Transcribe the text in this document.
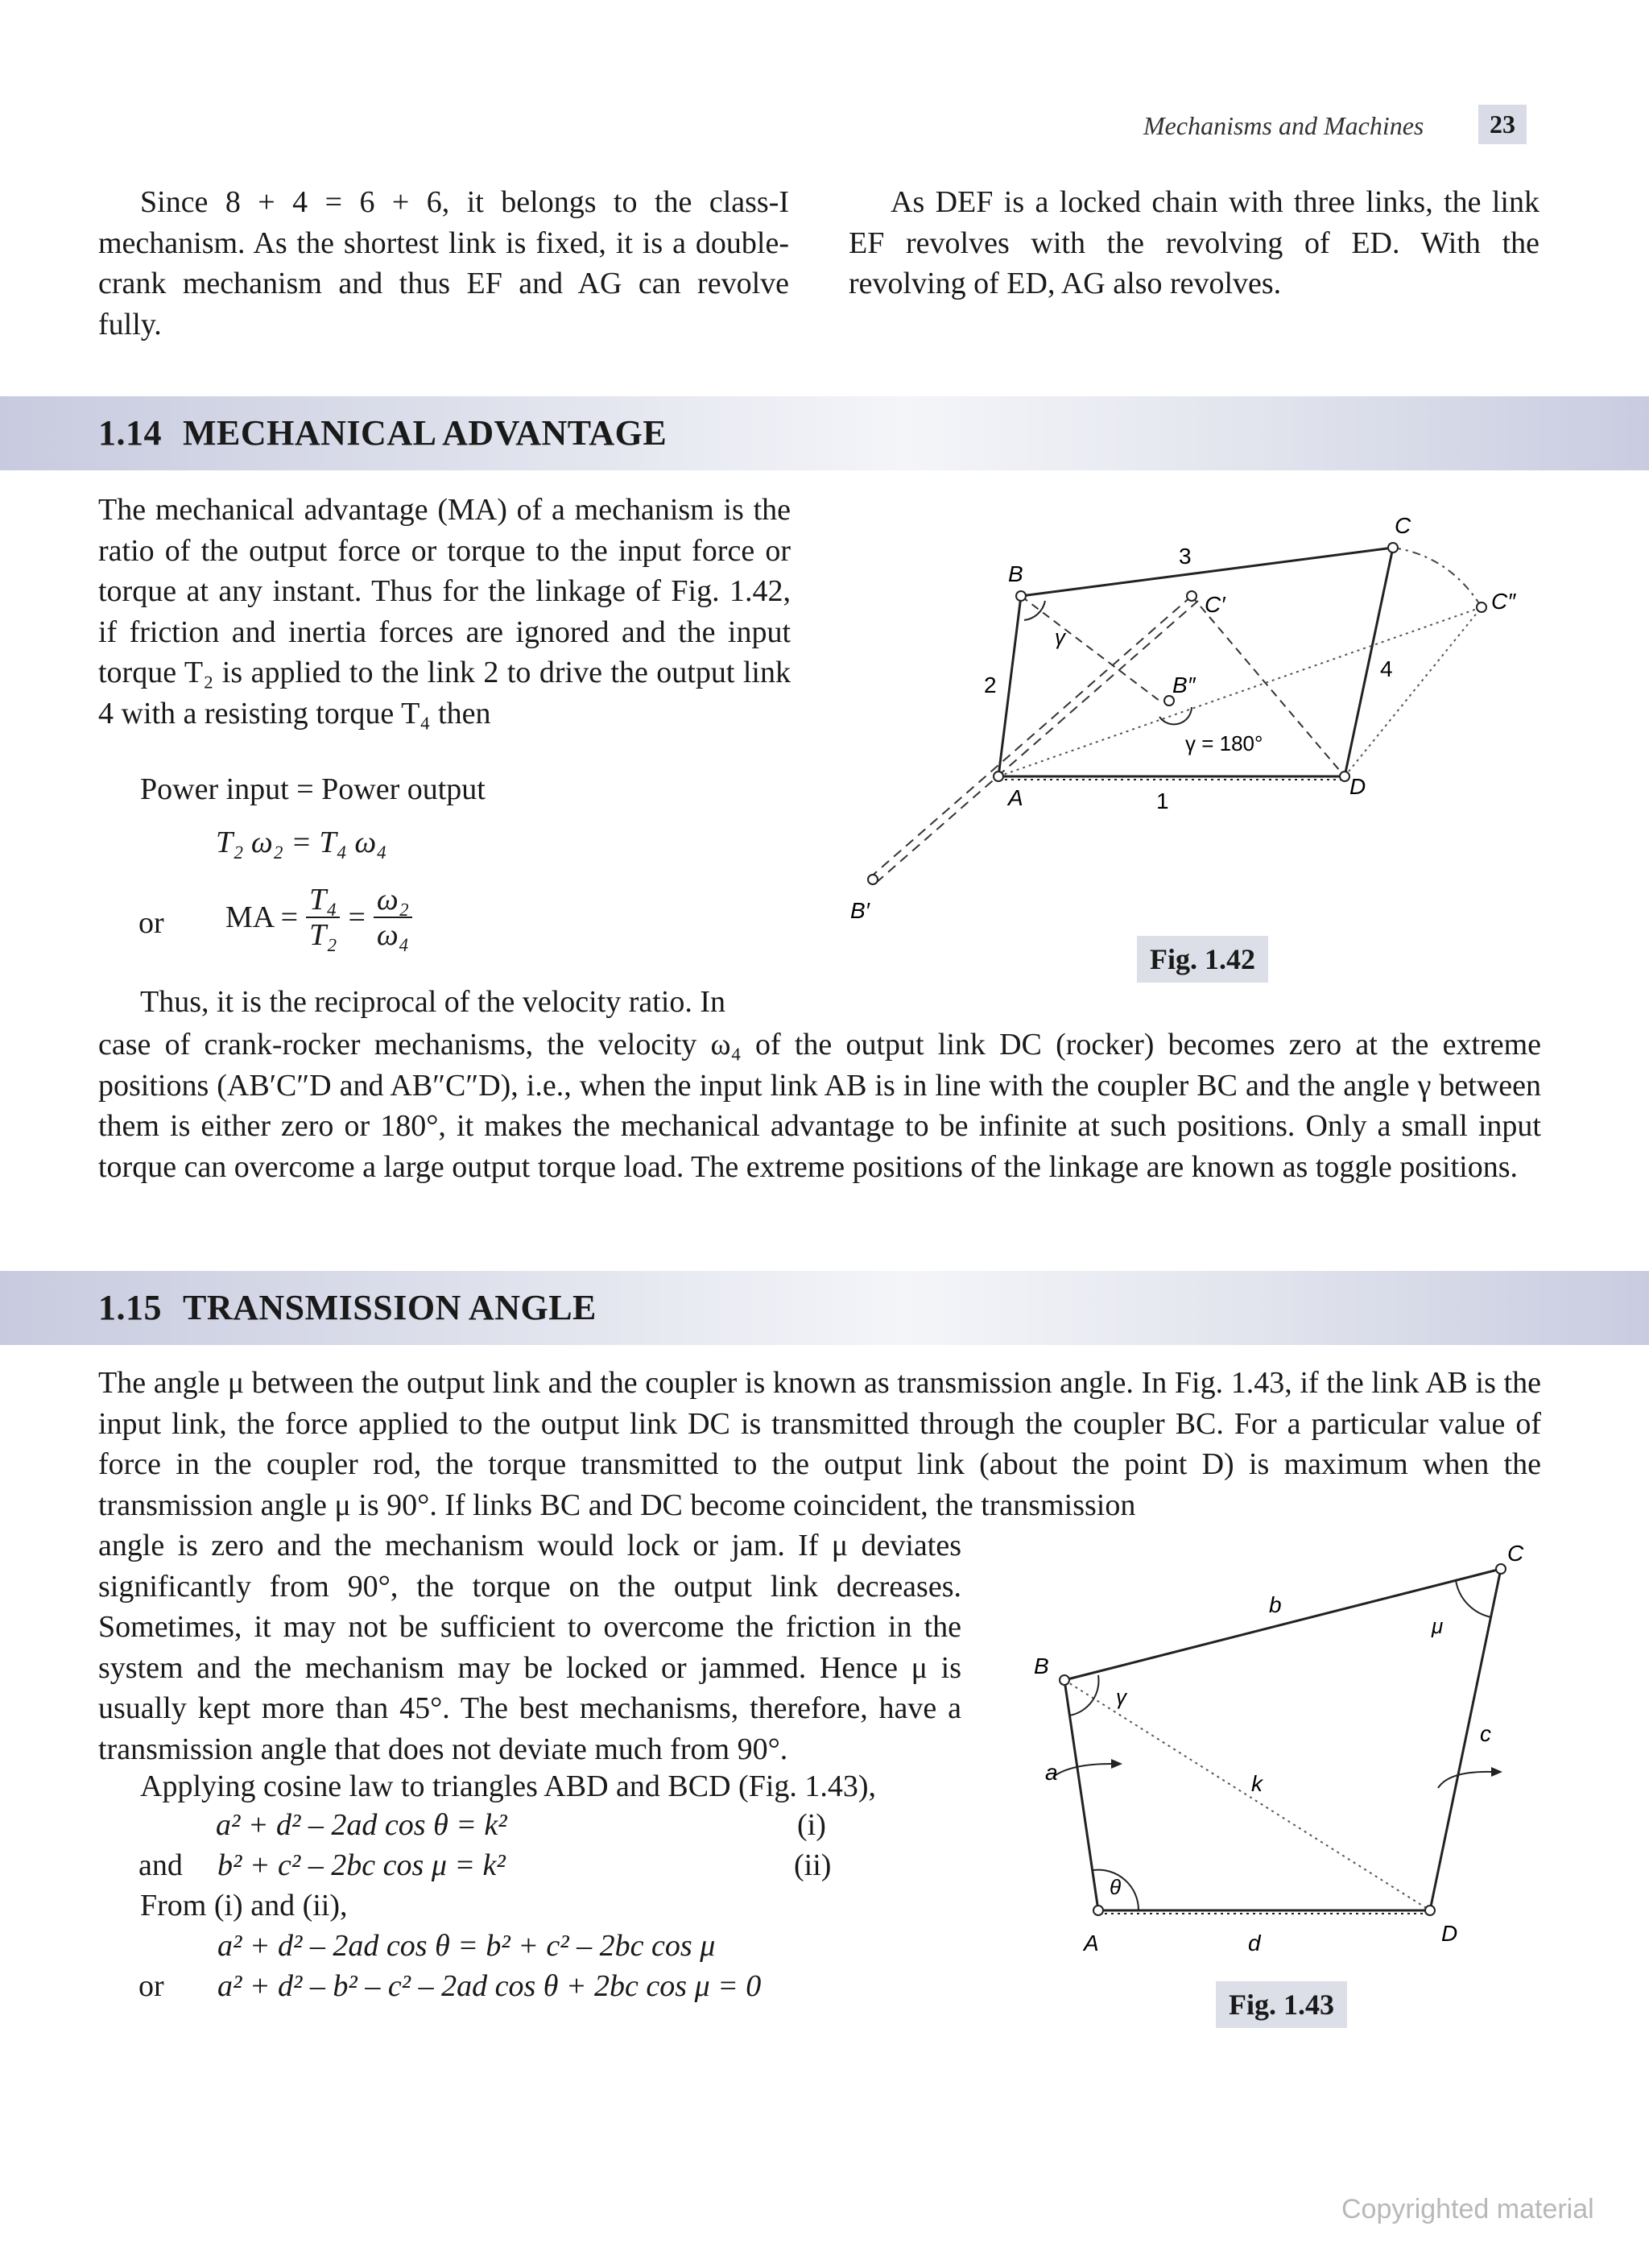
Mechanisms and Machines	23

Since 8 + 4 = 6 + 6, it belongs to the class-I mechanism. As the shortest link is fixed, it is a double-crank mechanism and thus EF and AG can revolve fully.

As DEF is a locked chain with three links, the link EF revolves with the revolving of ED. With the revolving of ED, AG also revolves.

1.14 MECHANICAL ADVANTAGE

The mechanical advantage (MA) of a mechanism is the ratio of the output force or torque to the input force or torque at any instant. Thus for the linkage of Fig. 1.42, if friction and inertia forces are ignored and the input torque T₂ is applied to the link 2 to drive the output link 4 with a resisting torque T₄ then

Power input = Power output
T₂ ω₂ = T₄ ω₄
or MA = $\frac{\text{T₄}}{\text{T₂}} = \frac{\text{ω₂}}{\text{ω₄}}$
Thus, it is the reciprocal of the velocity ratio. In

case of crank-rocker mechanisms, the velocity ω₄ of the output link DC (rocker) becomes zero at the extreme positions (AB′C″D and AB″C″D), i.e., when the input link AB is in line with the coupler BC and the angle γ between them is either zero or 180°, it makes the mechanical advantage to be infinite at such positions. Only a small input torque can overcome a large output torque load. The extreme positions of the linkage are known as toggle positions.

A
B
C
D
C′	C″
B″
B′
γ
γ = 180°
1
2
3
4
Fig. 1.42
1.15 TRANSMISSION ANGLE

The angle μ between the output link and the coupler is known as transmission angle. In Fig. 1.43, if the link AB is the input link, the force applied to the output link DC is transmitted through the coupler BC. For a particular value of force in the coupler rod, the torque transmitted to the output link (about the point D) is maximum when the transmission angle μ is 90°. If links BC and DC become coincident, the transmission

angle is zero and the mechanism would lock or jam. If μ deviates significantly from 90°, the torque on the output link decreases. Sometimes, it may not be sufficient to overcome the friction in the system and the mechanism may be locked or jammed. Hence μ is usually kept more than 45°. The best mechanisms, therefore, have a transmission angle that does not deviate much from 90°.

Applying cosine law to triangles ABD and BCD (Fig. 1.43),
a² + d² – 2ad cos θ = k²	(i)
and b² + c² – 2bc cos μ = k²	(ii)
From (i) and (ii),
a² + d² – 2ad cos θ = b² + c² – 2bc cos μ
or a² + d² – b² – c² – 2ad cos θ + 2bc cos μ = 0
A
B
C
D
a
b
c
d
k
γ
θ
μ
Fig. 1.43
Copyrighted material
